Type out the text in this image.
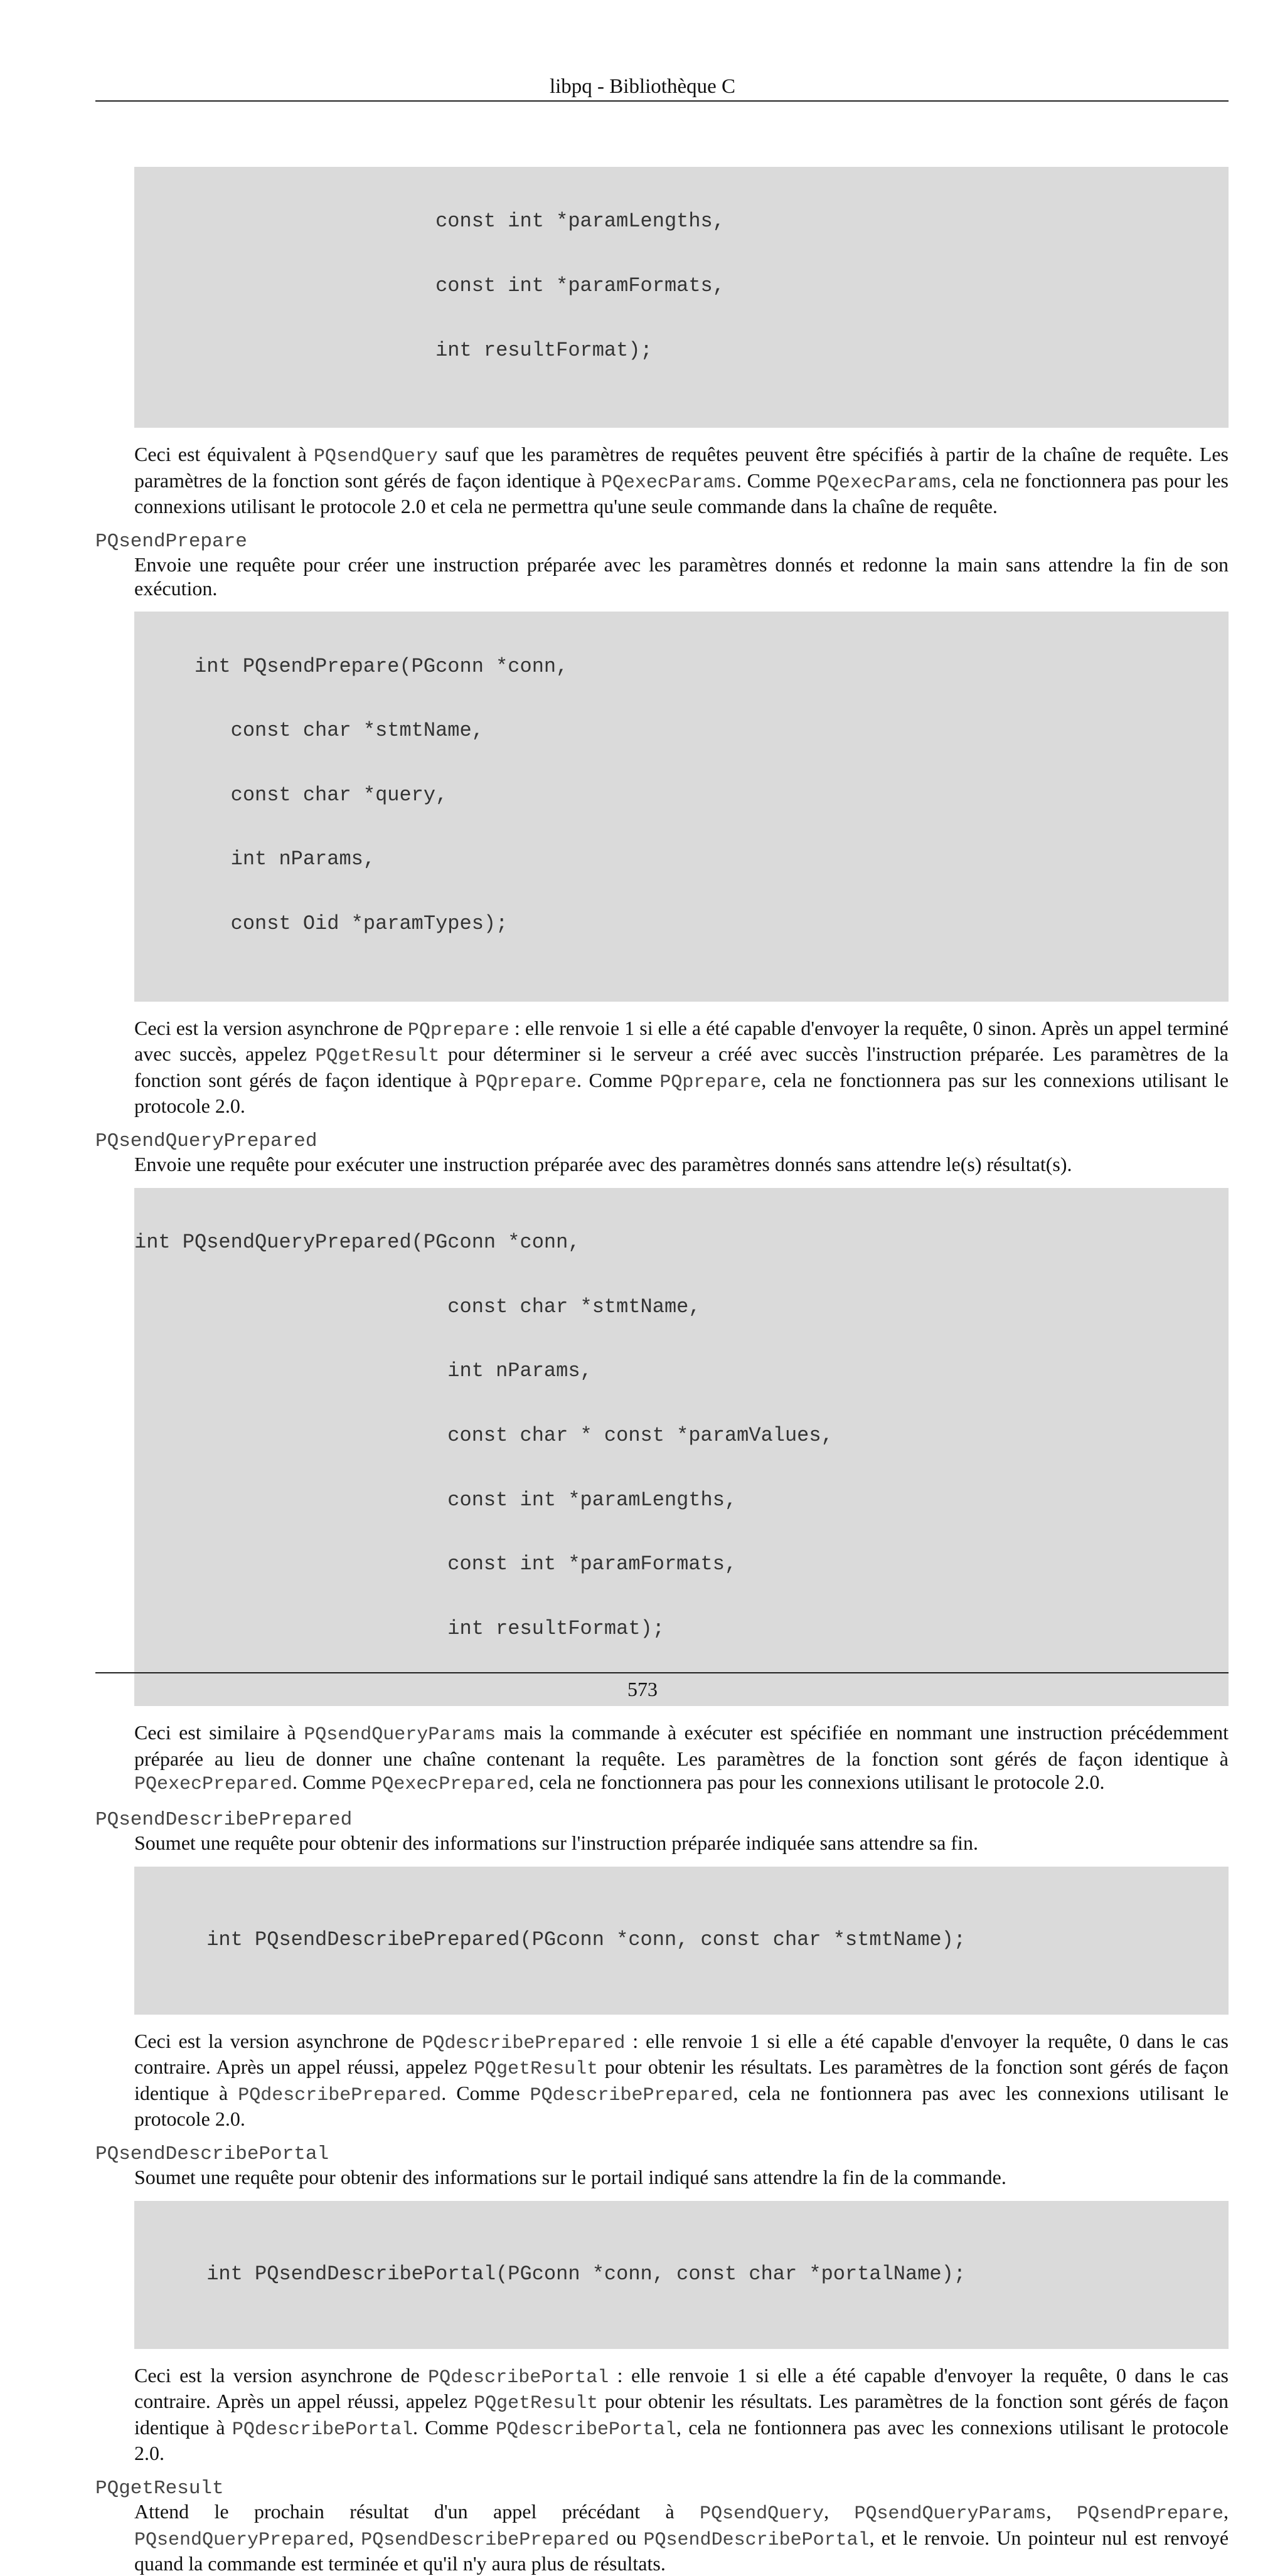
libpq - Bibliothèque C

const int *paramLengths,

const int *paramFormats,

int resultFormat);

Ceci est équivalent à PQsendQuery sauf que les paramètres de requêtes peuvent être spécifiés à partir de la chaîne de requête. Les paramètres de la fonction sont gérés de façon identique à PQexecParams. Comme PQexecParams, cela ne fonctionnera pas pour les connexions utilisant le protocole 2.0 et cela ne permettra qu'une seule commande dans la chaîne de requête.
PQsendPrepare
Envoie une requête pour créer une instruction préparée avec les paramètres donnés et redonne la main sans attendre la fin de son exécution.

int PQsendPrepare(PGconn *conn,

const char *stmtName,

const char *query,

int nParams,

const Oid *paramTypes);

Ceci est la version asynchrone de PQprepare : elle renvoie 1 si elle a été capable d'envoyer la requête, 0 sinon. Après un appel terminé avec succès, appelez PQgetResult pour déterminer si le serveur a créé avec succès l'instruction préparée. Les paramètres de la fonction sont gérés de façon identique à PQprepare. Comme PQprepare, cela ne fonctionnera pas sur les connexions utilisant le protocole 2.0.
PQsendQueryPrepared
Envoie une requête pour exécuter une instruction préparée avec des paramètres donnés sans attendre le(s) résultat(s).

int PQsendQueryPrepared(PGconn *conn,

const char *stmtName,

int nParams,

const char * const *paramValues,

const int *paramLengths,

const int *paramFormats,

int resultFormat);

Ceci est similaire à PQsendQueryParams mais la commande à exécuter est spécifiée en nommant une instruction précédemment préparée au lieu de donner une chaîne contenant la requête. Les paramètres de la fonction sont gérés de façon identique à PQexecPrepared. Comme PQexecPrepared, cela ne fonctionnera pas pour les connexions utilisant le protocole 2.0.
PQsendDescribePrepared
Soumet une requête pour obtenir des informations sur l'instruction préparée indiquée sans attendre sa fin.

int PQsendDescribePrepared(PGconn *conn, const char *stmtName);

Ceci est la version asynchrone de PQdescribePrepared : elle renvoie 1 si elle a été capable d'envoyer la requête, 0 dans le cas contraire. Après un appel réussi, appelez PQgetResult pour obtenir les résultats. Les paramètres de la fonction sont gérés de façon identique à PQdescribePrepared. Comme PQdescribePrepared, cela ne fontionnera pas avec les connexions utilisant le protocole 2.0.
PQsendDescribePortal
Soumet une requête pour obtenir des informations sur le portail indiqué sans attendre la fin de la commande.

int PQsendDescribePortal(PGconn *conn, const char *portalName);

Ceci est la version asynchrone de PQdescribePortal : elle renvoie 1 si elle a été capable d'envoyer la requête, 0 dans le cas contraire. Après un appel réussi, appelez PQgetResult pour obtenir les résultats. Les paramètres de la fonction sont gérés de façon identique à PQdescribePortal. Comme PQdescribePortal, cela ne fontionnera pas avec les connexions utilisant le protocole 2.0.
PQgetResult
Attend le prochain résultat d'un appel précédant à PQsendQuery, PQsendQueryParams, PQsendPrepare, PQsendQueryPrepared, PQsendDescribePrepared ou PQsendDescribePortal, et le renvoie. Un pointeur nul est renvoyé quand la commande est terminée et qu'il n'y aura plus de résultats.
573
